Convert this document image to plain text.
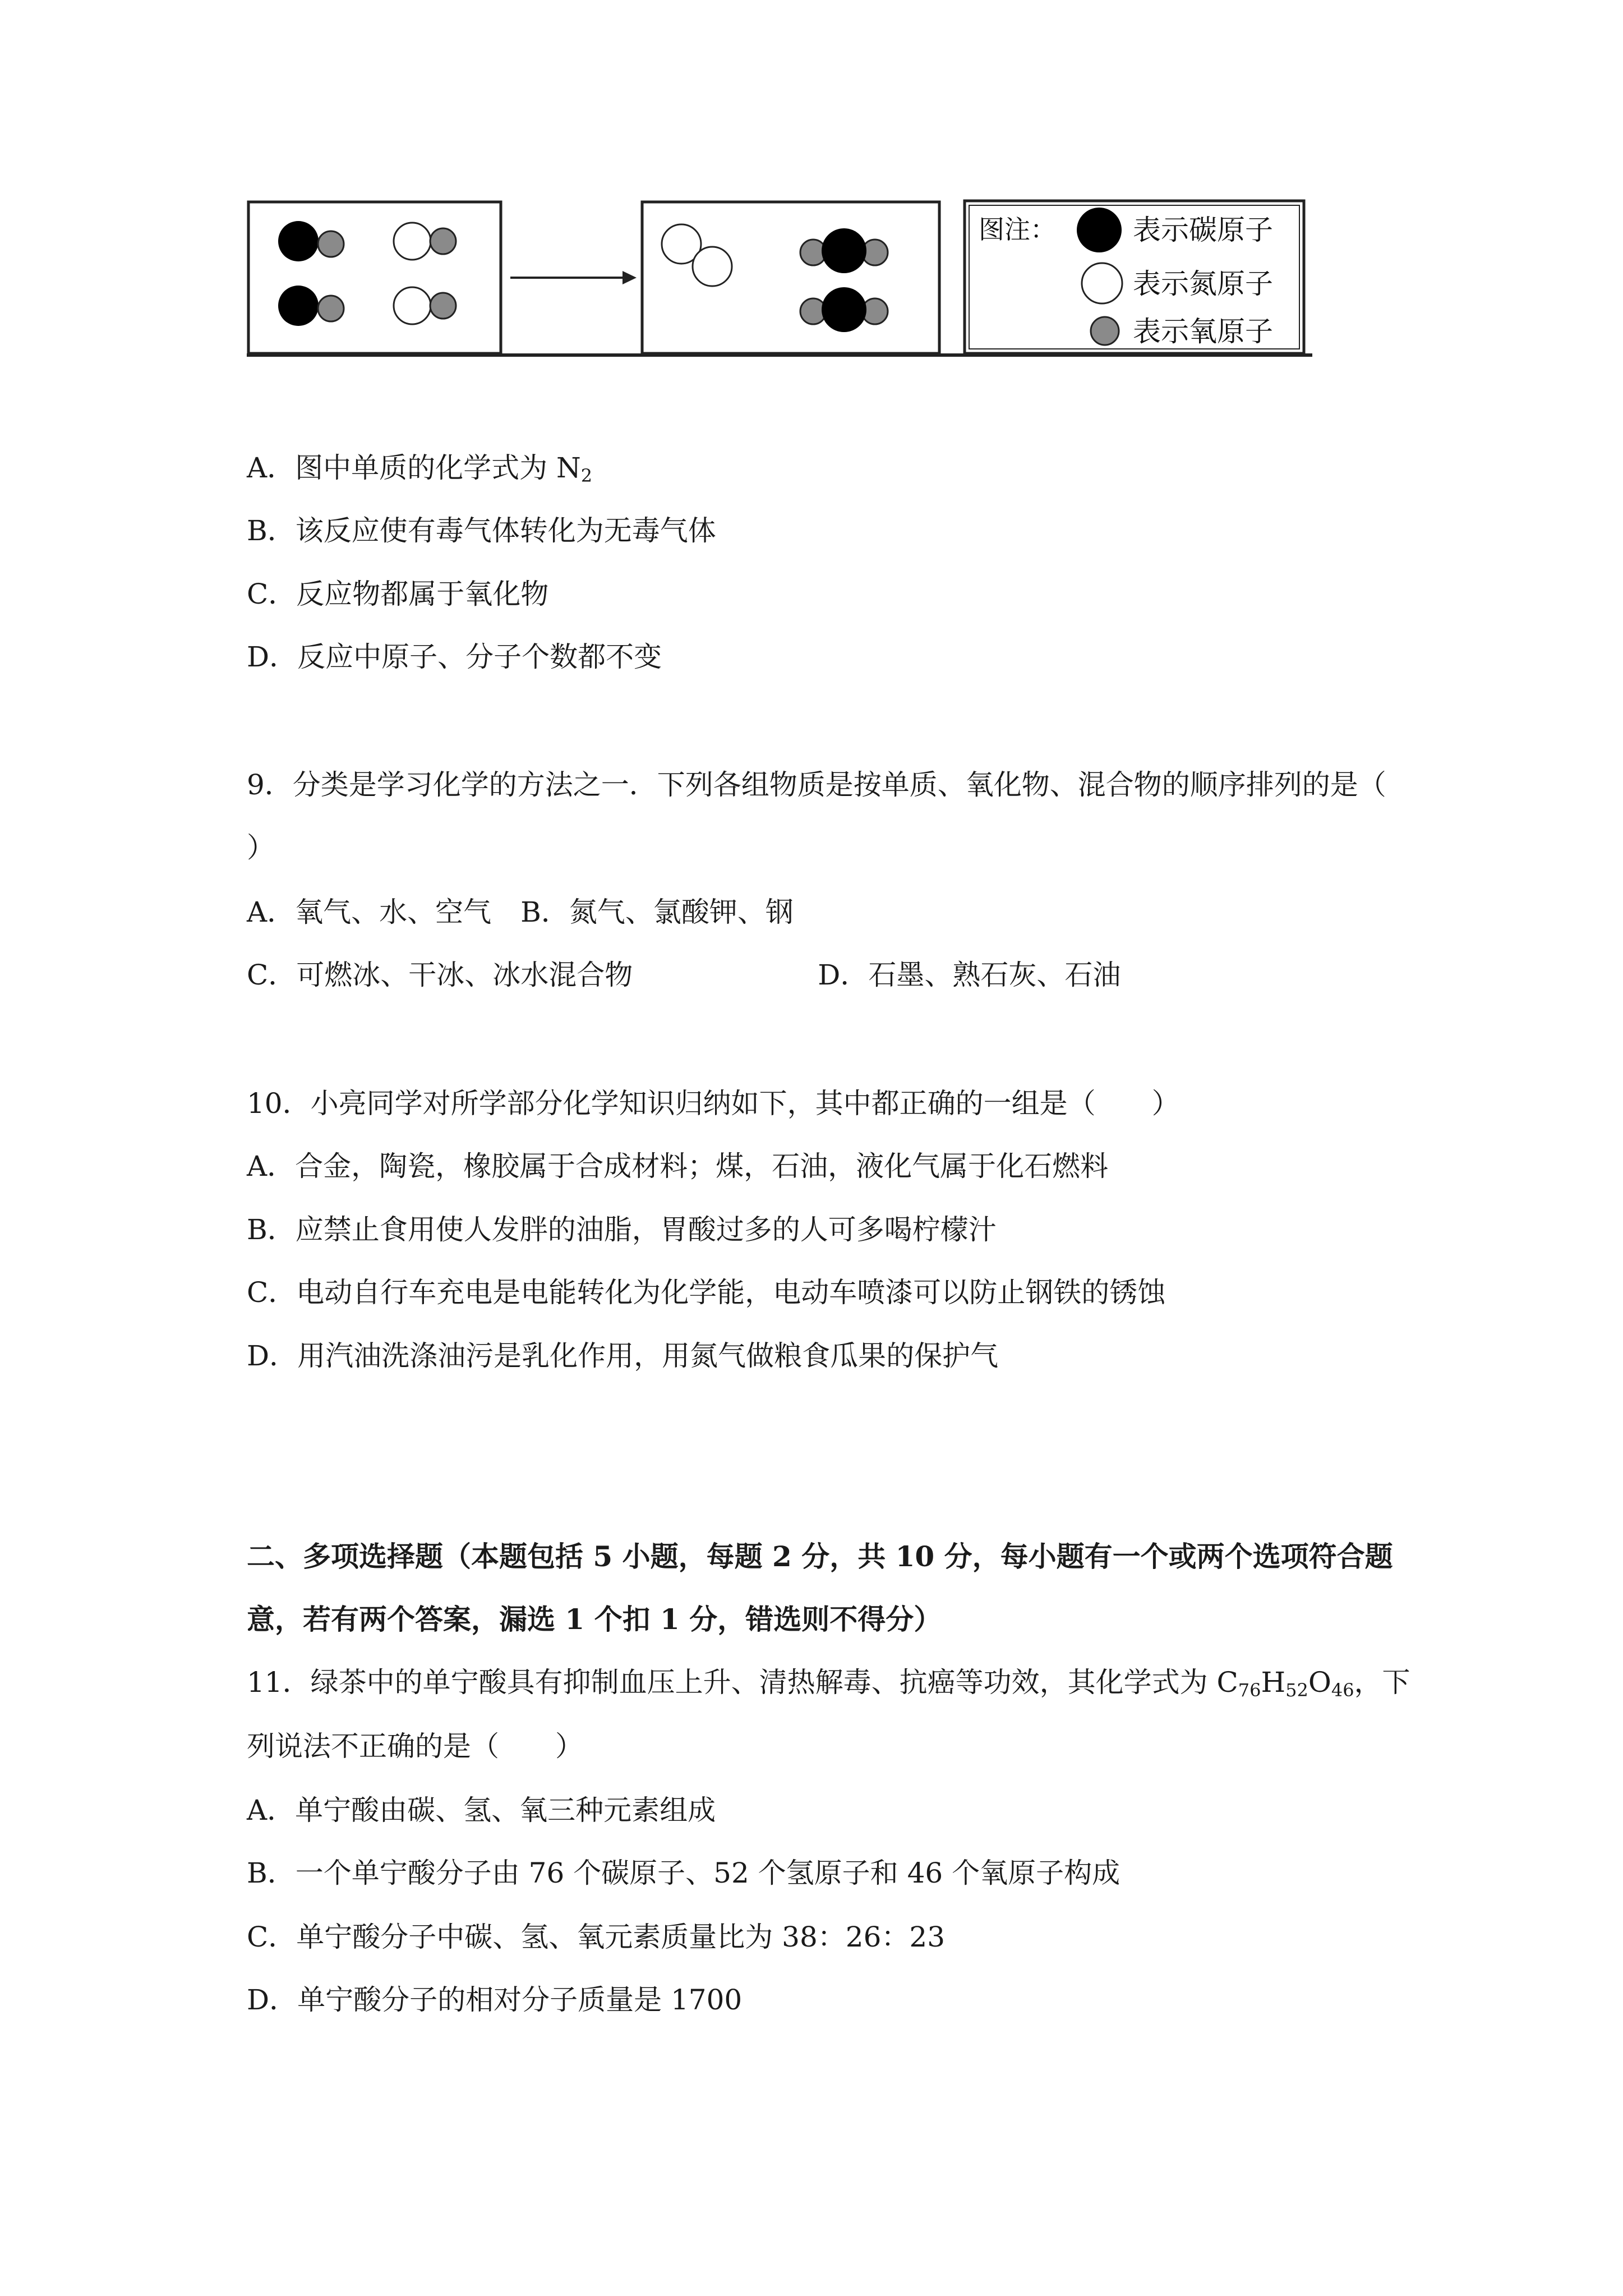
图注：	表示碳原子
表示氮原子
表示氧原子
A．图中单质的化学式为 $N_2$
B．该反应使有毒气体转化为无毒气体
C．反应物都属于氧化物
D．反应中原子、分子个数都不变
9．分类是学习化学的方法之一．下列各组物质是按单质、氧化物、混合物的顺序排列的是（
）
A．氧气、水、空气 B．氮气、氯酸钾、钢
C．可燃冰、干冰、冰水混合物	D．石墨、熟石灰、石油
10．小亮同学对所学部分化学知识归纳如下，其中都正确的一组是（　　）
A．合金，陶瓷，橡胶属于合成材料；煤，石油，液化气属于化石燃料
B．应禁止食用使人发胖的油脂，胃酸过多的人可多喝柠檬汁
C．电动自行车充电是电能转化为化学能，电动车喷漆可以防止钢铁的锈蚀
D．用汽油洗涤油污是乳化作用，用氮气做粮食瓜果的保护气
二、多项选择题（本题包括 5 小题，每题 2 分，共 10 分，每小题有一个或两个选项符合题
意，若有两个答案，漏选 1 个扣 1 分，错选则不得分）
11．绿茶中的单宁酸具有抑制血压上升、清热解毒、抗癌等功效，其化学式为 $C_{76}H_{52}O_{46}$，下
列说法不正确的是（　　）
A．单宁酸由碳、氢、氧三种元素组成
B．一个单宁酸分子由 76 个碳原子、52 个氢原子和 46 个氧原子构成
C．单宁酸分子中碳、氢、氧元素质量比为 38：26：23
D．单宁酸分子的相对分子质量是 1700
